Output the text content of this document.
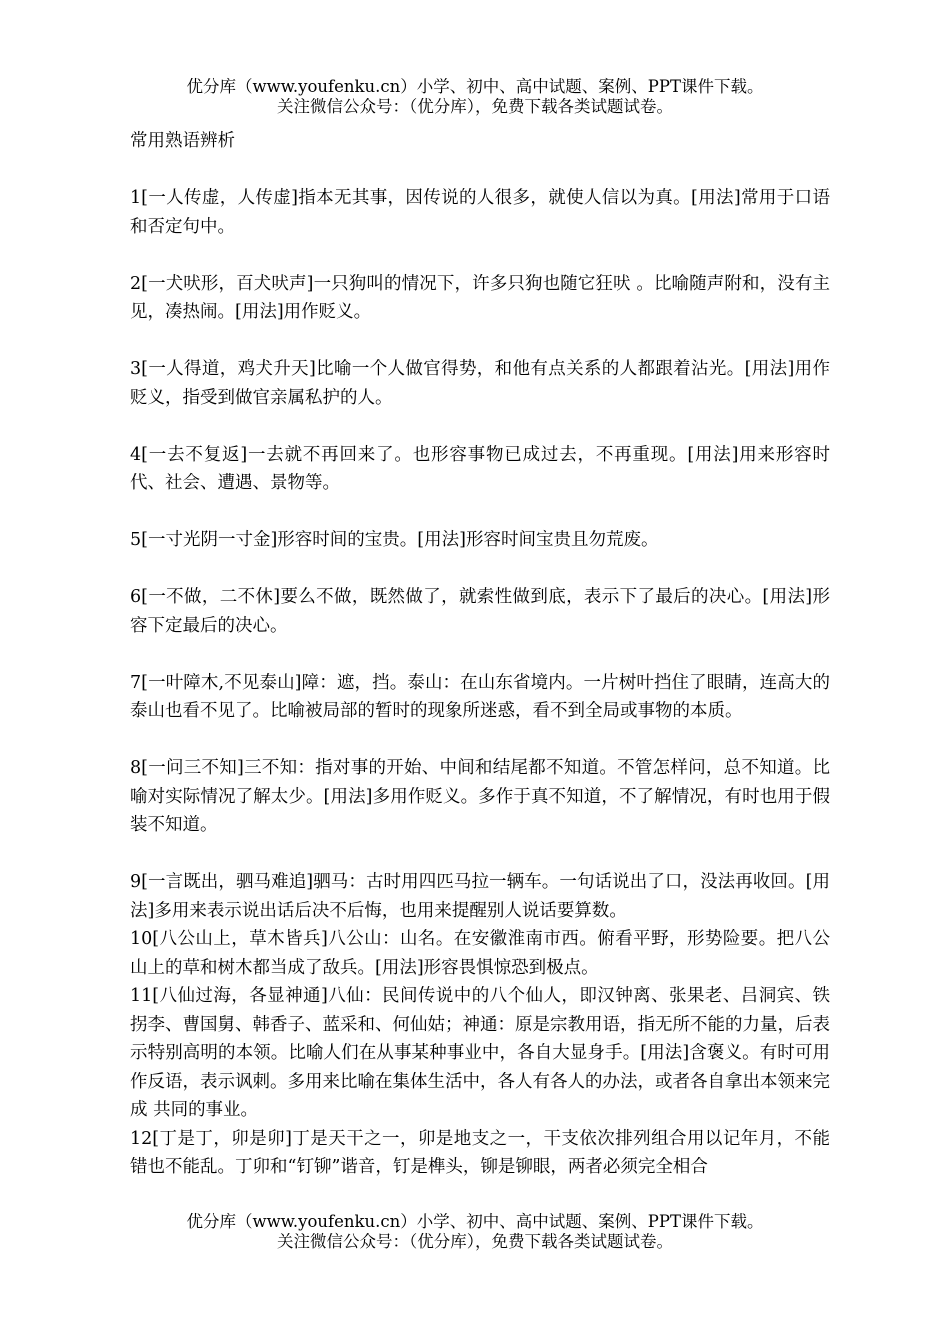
优分库（www.youfenku.cn）小学、初中、高中试题、案例、PPT课件下载。
关注微信公众号：（优分库），免费下载各类试题试卷。
常用熟语辨析
1[一人传虚，人传虚]指本无其事，因传说的人很多，就使人信以为真。[用法]常用于口语和否定句中。
2[一犬吠形，百犬吠声]一只狗叫的情况下，许多只狗也随它狂吠 。比喻随声附和，没有主见，凑热闹。[用法]用作贬义。
3[一人得道，鸡犬升天]比喻一个人做官得势，和他有点关系的人都跟着沾光。[用法]用作贬义，指受到做官亲属私护的人。
4[一去不复返]一去就不再回来了。也形容事物已成过去，不再重现。[用法]用来形容时代、社会、遭遇、景物等。
5[一寸光阴一寸金]形容时间的宝贵。[用法]形容时间宝贵且勿荒废。
6[一不做，二不休]要么不做，既然做了，就索性做到底，表示下了最后的决心。[用法]形容下定最后的决心。
7[一叶障木,不见泰山]障：遮，挡。泰山：在山东省境内。一片树叶挡住了眼睛，连高大的泰山也看不见了。比喻被局部的暂时的现象所迷惑，看不到全局或事物的本质。
8[一问三不知]三不知：指对事的开始、中间和结尾都不知道。不管怎样问，总不知道。比喻对实际情况了解太少。[用法]多用作贬义。多作于真不知道，不了解情况，有时也用于假装不知道。
9[一言既出，驷马难追]驷马：古时用四匹马拉一辆车。一句话说出了口，没法再收回。[用法]多用来表示说出话后决不后悔，也用来提醒别人说话要算数。
10[八公山上，草木皆兵]八公山：山名。在安徽淮南市西。俯看平野，形势险要。把八公山上的草和树木都当成了敌兵。[用法]形容畏惧惊恐到极点。
11[八仙过海，各显神通]八仙：民间传说中的八个仙人，即汉钟离、张果老、吕洞宾、铁拐李、曹国舅、韩香子、蓝采和、何仙姑；神通：原是宗教用语，指无所不能的力量，后表示特别高明的本领。比喻人们在从事某种事业中，各自大显身手。[用法]含褒义。有时可用作反语，表示讽刺。多用来比喻在集体生活中，各人有各人的办法，或者各自拿出本领来完成 共同的事业。
12[丁是丁，卯是卯]丁是天干之一，卯是地支之一，干支依次排列组合用以记年月，不能错也不能乱。丁卯和“钉铆”谐音，钉是榫头，铆是铆眼，两者必须完全相合
优分库（www.youfenku.cn）小学、初中、高中试题、案例、PPT课件下载。
关注微信公众号：（优分库），免费下载各类试题试卷。
